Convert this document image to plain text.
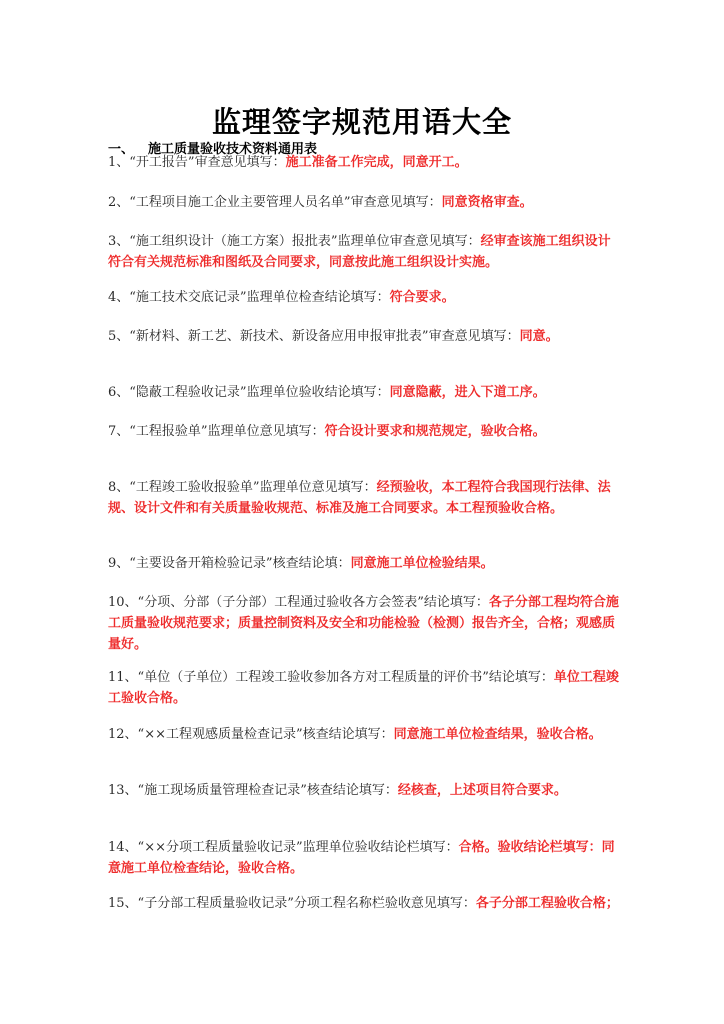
监理签字规范用语大全
一、 施工质量验收技术资料通用表
1、“开工报告”审查意见填写：施工准备工作完成，同意开工。
2、“工程项目施工企业主要管理人员名单”审查意见填写：同意资格审查。
3、“施工组织设计（施工方案）报批表”监理单位审查意见填写：经审查该施工组织设计符合有关规范标准和图纸及合同要求，同意按此施工组织设计实施。
4、“施工技术交底记录”监理单位检查结论填写：符合要求。
5、“新材料、新工艺、新技术、新设备应用申报审批表”审查意见填写：同意。
6、“隐蔽工程验收记录”监理单位验收结论填写：同意隐蔽，进入下道工序。
7、“工程报验单”监理单位意见填写：符合设计要求和规范规定，验收合格。
8、“工程竣工验收报验单”监理单位意见填写：经预验收，本工程符合我国现行法律、法规、设计文件和有关质量验收规范、标准及施工合同要求。本工程预验收合格。
9、“主要设备开箱检验记录”核查结论填：同意施工单位检验结果。
10、“分项、分部（子分部）工程通过验收各方会签表”结论填写：各子分部工程均符合施工质量验收规范要求；质量控制资料及安全和功能检验（检测）报告齐全，合格；观感质量好。
11、“单位（子单位）工程竣工验收参加各方对工程质量的评价书”结论填写：单位工程竣工验收合格。
12、“××工程观感质量检查记录”核查结论填写：同意施工单位检查结果，验收合格。
13、“施工现场质量管理检查记录”核查结论填写：经核查，上述项目符合要求。
14、“××分项工程质量验收记录”监理单位验收结论栏填写：合格。验收结论栏填写：同意施工单位检查结论，验收合格。
15、“子分部工程质量验收记录”分项工程名称栏验收意见填写：各子分部工程验收合格；
